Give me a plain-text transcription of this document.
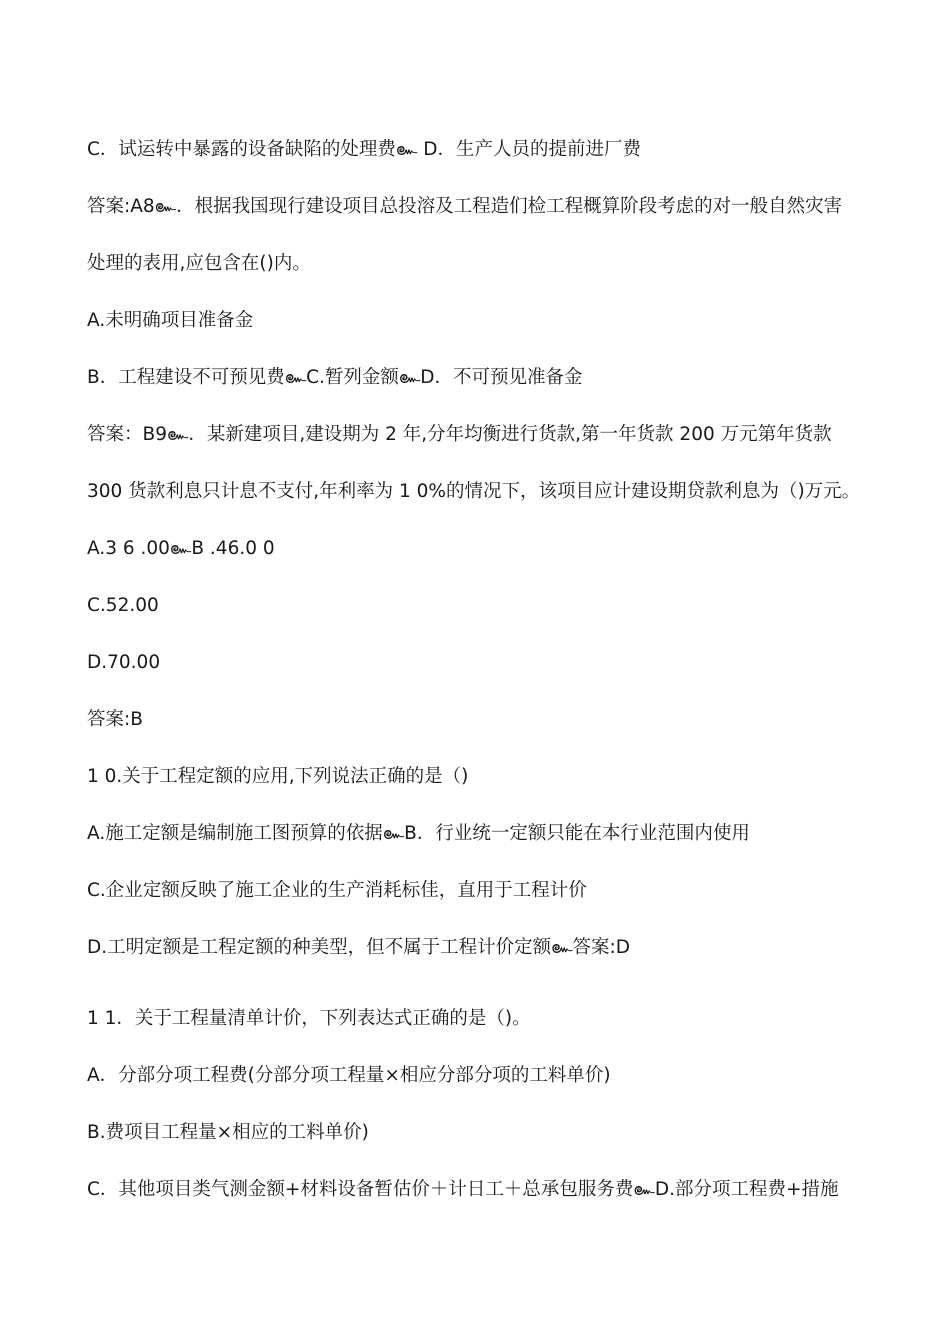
C．试运转中暴露的设备缺陷的处理费๛ D．生产人员的提前进厂费
答案:A8๛．根据我国现行建设项目总投溶及工程造们检工程概算阶段考虑的对一般自然灾害
处理的表用,应包含在()内。
A.未明确项目准备金
B．工程建设不可预见费๛C.暂列金额๛D．不可预见准备金
答案：B9๛．某新建项目,建设期为 2 年,分年均衡进行货款,第一年货款 200 万元第年货款
300 货款利息只计息不支付,年利率为 1 0%的情况下，该项目应计建设期贷款利息为（)万元。
A.3 6 .00๛B .46.0 0
C.52.00
D.70.00
答案:B
1 0.关于工程定额的应用,下列说法正确的是（)
A.施工定额是编制施工图预算的依据๛B．行业统一定额只能在本行业范围内使用
C.企业定额反映了施工企业的生产消耗标佳，直用于工程计价
D.工明定额是工程定额的种美型，但不属于工程计价定额๛答案:D
1 1．关于工程量清单计价，下列表达式正确的是（)。
A．分部分项工程费(分部分项工程量×相应分部分项的工料单价)
B.费项目工程量×相应的工料单价)
C．其他项目类气测金额+材料设备暂估价＋计日工＋总承包服务费๛D.部分项工程费+措施
